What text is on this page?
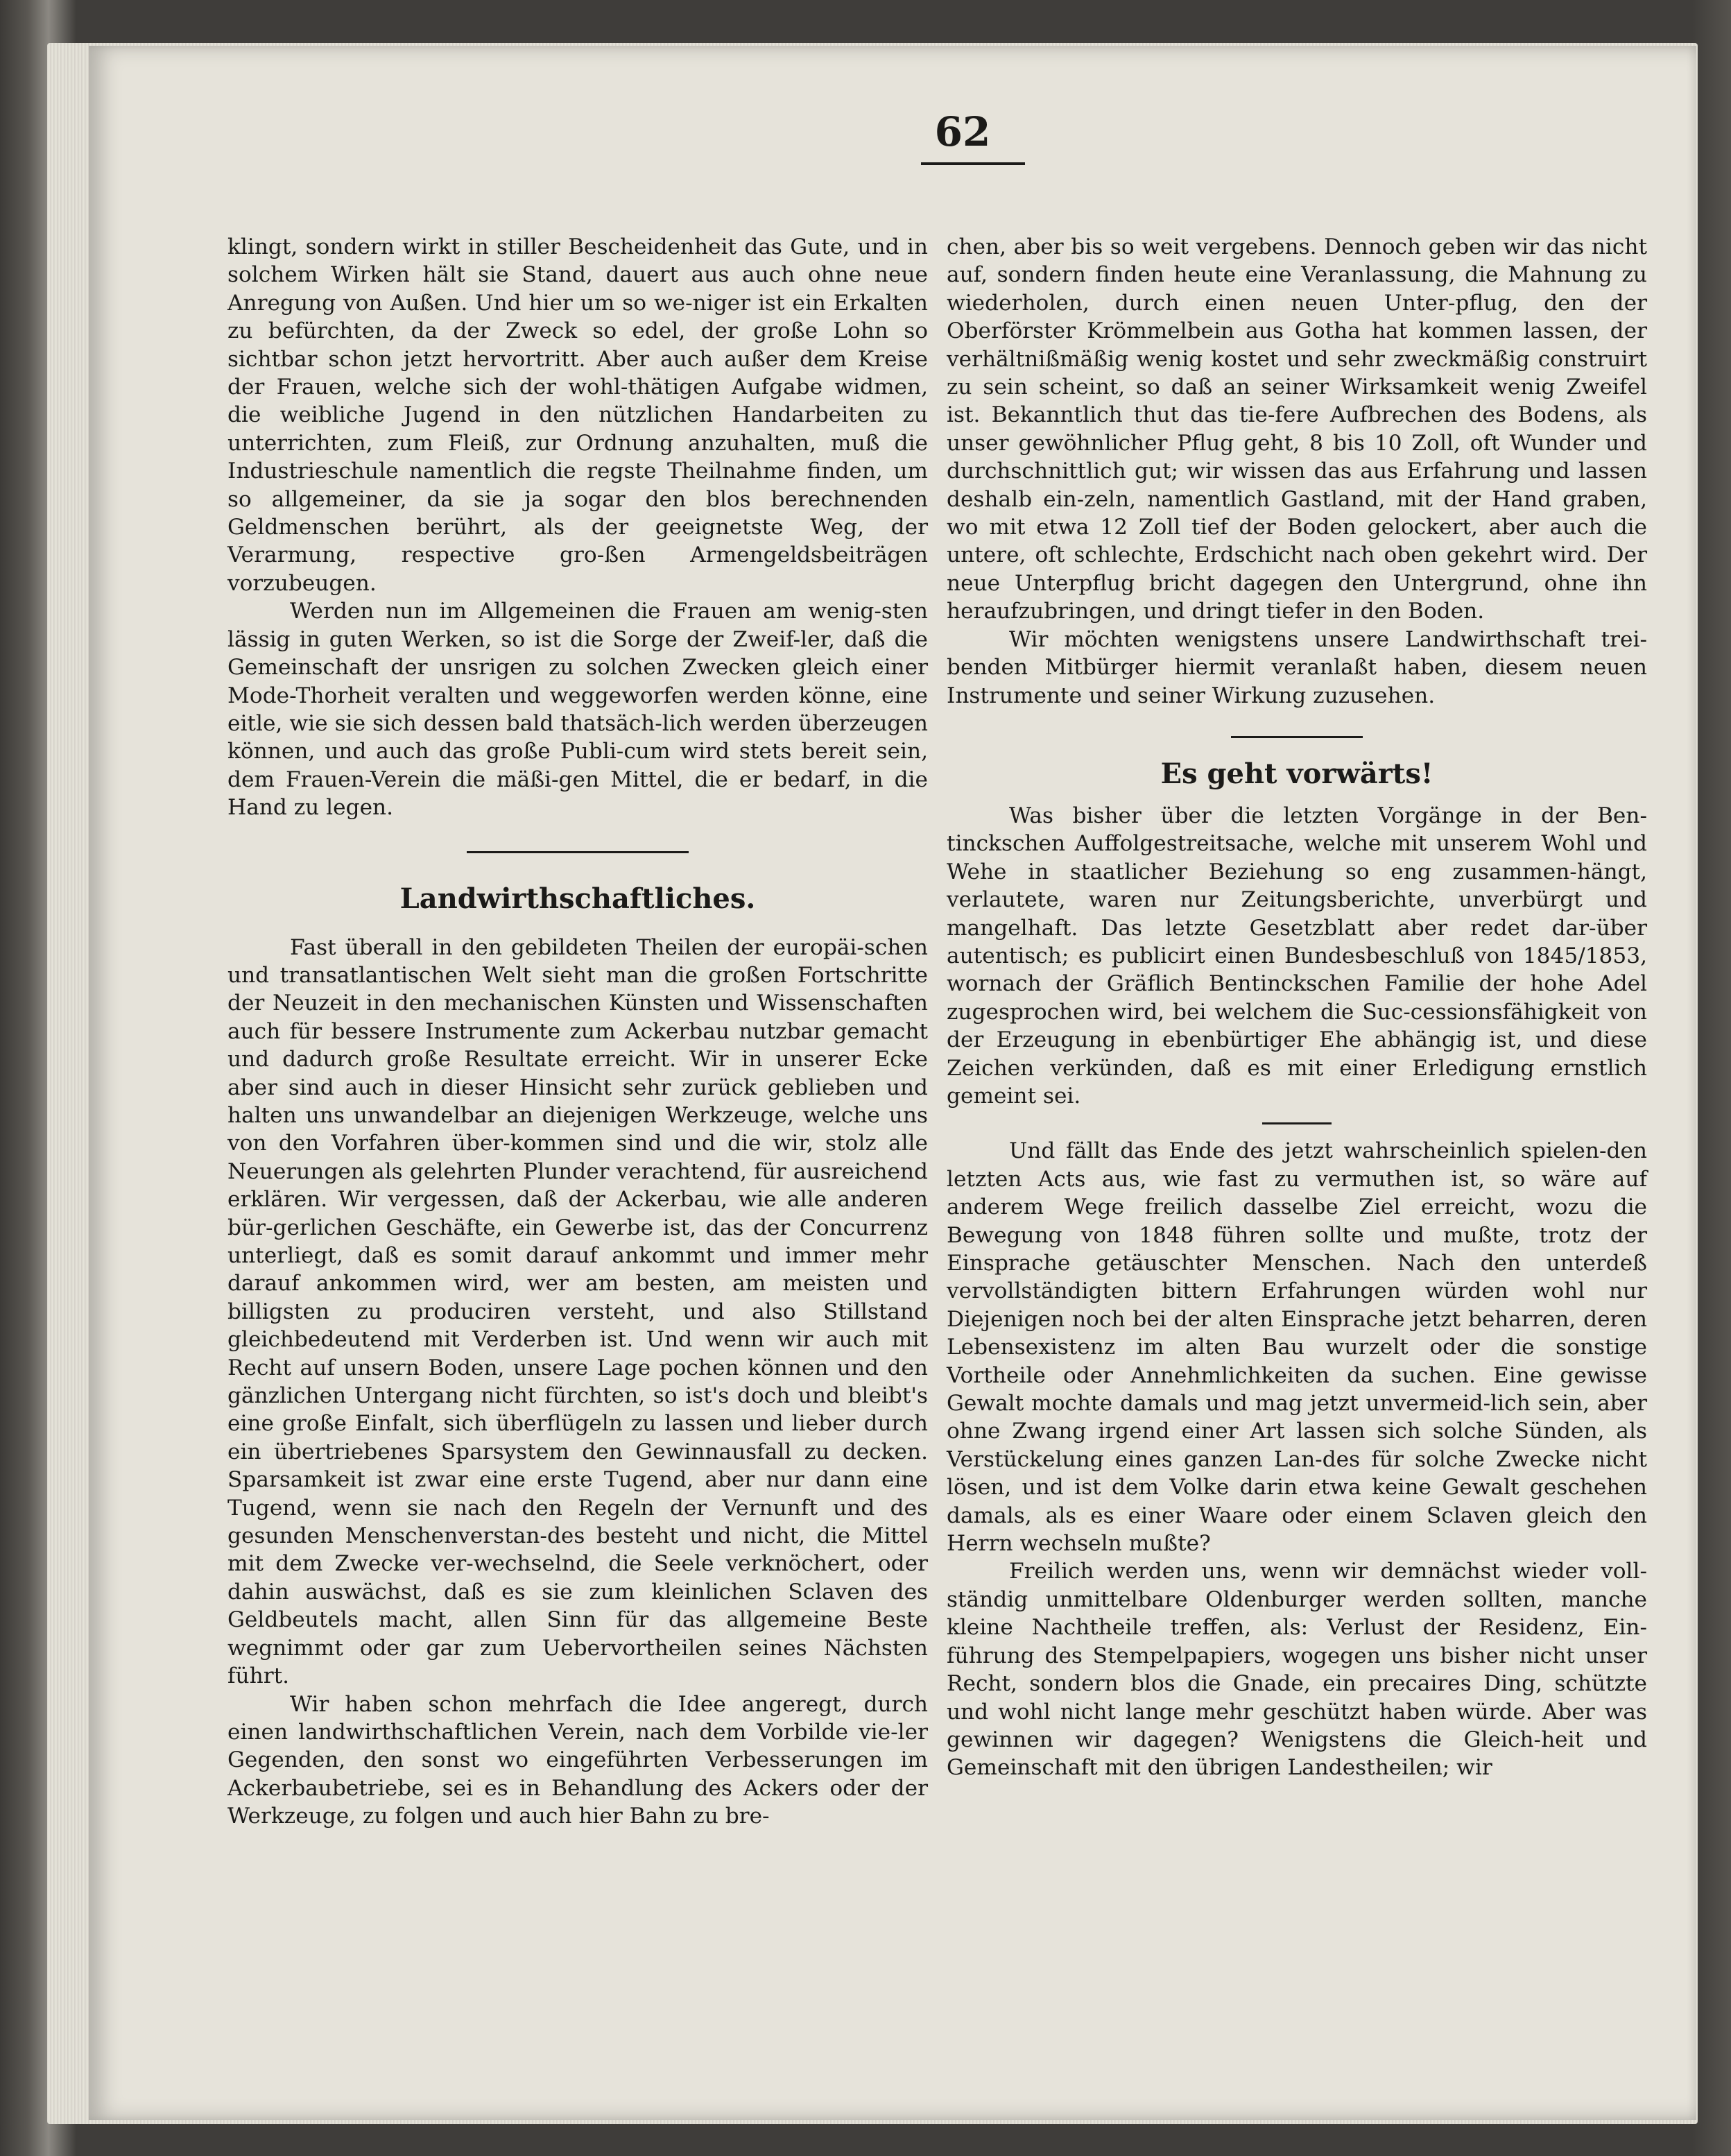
62

klingt, sondern wirkt in stiller Bescheidenheit das Gute, und in solchem Wirken hält sie Stand, dauert aus auch ohne neue Anregung von Außen. Und hier um so we-niger ist ein Erkalten zu befürchten, da der Zweck so edel, der große Lohn so sichtbar schon jetzt hervortritt. Aber auch außer dem Kreise der Frauen, welche sich der wohl-thätigen Aufgabe widmen, die weibliche Jugend in den nützlichen Handarbeiten zu unterrichten, zum Fleiß, zur Ordnung anzuhalten, muß die Industrieschule namentlich die regste Theilnahme finden, um so allgemeiner, da sie ja sogar den blos berechnenden Geldmenschen berührt, als der geeignetste Weg, der Verarmung, respective gro-ßen Armengeldsbeiträgen vorzubeugen.

Werden nun im Allgemeinen die Frauen am wenig-sten lässig in guten Werken, so ist die Sorge der Zweif-ler, daß die Gemeinschaft der unsrigen zu solchen Zwecken gleich einer Mode-Thorheit veralten und weggeworfen werden könne, eine eitle, wie sie sich dessen bald thatsäch-lich werden überzeugen können, und auch das große Publi-cum wird stets bereit sein, dem Frauen-Verein die mäßi-gen Mittel, die er bedarf, in die Hand zu legen.

Landwirthschaftliches.

Fast überall in den gebildeten Theilen der europäi-schen und transatlantischen Welt sieht man die großen Fortschritte der Neuzeit in den mechanischen Künsten und Wissenschaften auch für bessere Instrumente zum Ackerbau nutzbar gemacht und dadurch große Resultate erreicht. Wir in unserer Ecke aber sind auch in dieser Hinsicht sehr zurück geblieben und halten uns unwandelbar an diejenigen Werkzeuge, welche uns von den Vorfahren über-kommen sind und die wir, stolz alle Neuerungen als gelehrten Plunder verachtend, für ausreichend erklären. Wir vergessen, daß der Ackerbau, wie alle anderen bür-gerlichen Geschäfte, ein Gewerbe ist, das der Concurrenz unterliegt, daß es somit darauf ankommt und immer mehr darauf ankommen wird, wer am besten, am meisten und billigsten zu produciren versteht, und also Stillstand gleichbedeutend mit Verderben ist. Und wenn wir auch mit Recht auf unsern Boden, unsere Lage pochen können und den gänzlichen Untergang nicht fürchten, so ist's doch und bleibt's eine große Einfalt, sich überflügeln zu lassen und lieber durch ein übertriebenes Sparsystem den Gewinnausfall zu decken. Sparsamkeit ist zwar eine erste Tugend, aber nur dann eine Tugend, wenn sie nach den Regeln der Vernunft und des gesunden Menschenverstan-des besteht und nicht, die Mittel mit dem Zwecke ver-wechselnd, die Seele verknöchert, oder dahin auswächst, daß es sie zum kleinlichen Sclaven des Geldbeutels macht, allen Sinn für das allgemeine Beste wegnimmt oder gar zum Uebervortheilen seines Nächsten führt.

Wir haben schon mehrfach die Idee angeregt, durch einen landwirthschaftlichen Verein, nach dem Vorbilde vie-ler Gegenden, den sonst wo eingeführten Verbesserungen im Ackerbaubetriebe, sei es in Behandlung des Ackers oder der Werkzeuge, zu folgen und auch hier Bahn zu bre-

chen, aber bis so weit vergebens. Dennoch geben wir das nicht auf, sondern finden heute eine Veranlassung, die Mahnung zu wiederholen, durch einen neuen Unter-pflug, den der Oberförster Krömmelbein aus Gotha hat kommen lassen, der verhältnißmäßig wenig kostet und sehr zweckmäßig construirt zu sein scheint, so daß an seiner Wirksamkeit wenig Zweifel ist. Bekanntlich thut das tie-fere Aufbrechen des Bodens, als unser gewöhnlicher Pflug geht, 8 bis 10 Zoll, oft Wunder und durchschnittlich gut; wir wissen das aus Erfahrung und lassen deshalb ein-zeln, namentlich Gastland, mit der Hand graben, wo mit etwa 12 Zoll tief der Boden gelockert, aber auch die untere, oft schlechte, Erdschicht nach oben gekehrt wird. Der neue Unterpflug bricht dagegen den Untergrund, ohne ihn heraufzubringen, und dringt tiefer in den Boden.

Wir möchten wenigstens unsere Landwirthschaft trei-benden Mitbürger hiermit veranlaßt haben, diesem neuen Instrumente und seiner Wirkung zuzusehen.

Es geht vorwärts!

Was bisher über die letzten Vorgänge in der Ben-tinckschen Auffolgestreitsache, welche mit unserem Wohl und Wehe in staatlicher Beziehung so eng zusammen-hängt, verlautete, waren nur Zeitungsberichte, unverbürgt und mangelhaft. Das letzte Gesetzblatt aber redet dar-über autentisch; es publicirt einen Bundesbeschluß von 1845/1853, wornach der Gräflich Bentinckschen Familie der hohe Adel zugesprochen wird, bei welchem die Suc-cessionsfähigkeit von der Erzeugung in ebenbürtiger Ehe abhängig ist, und diese Zeichen verkünden, daß es mit einer Erledigung ernstlich gemeint sei.

Und fällt das Ende des jetzt wahrscheinlich spielen-den letzten Acts aus, wie fast zu vermuthen ist, so wäre auf anderem Wege freilich dasselbe Ziel erreicht, wozu die Bewegung von 1848 führen sollte und mußte, trotz der Einsprache getäuschter Menschen. Nach den unterdeß vervollständigten bittern Erfahrungen würden wohl nur Diejenigen noch bei der alten Einsprache jetzt beharren, deren Lebensexistenz im alten Bau wurzelt oder die sonstige Vortheile oder Annehmlichkeiten da suchen. Eine gewisse Gewalt mochte damals und mag jetzt unvermeid-lich sein, aber ohne Zwang irgend einer Art lassen sich solche Sünden, als Verstückelung eines ganzen Lan-des für solche Zwecke nicht lösen, und ist dem Volke darin etwa keine Gewalt geschehen damals, als es einer Waare oder einem Sclaven gleich den Herrn wechseln mußte?

Freilich werden uns, wenn wir demnächst wieder voll-ständig unmittelbare Oldenburger werden sollten, manche kleine Nachtheile treffen, als: Verlust der Residenz, Ein-führung des Stempelpapiers, wogegen uns bisher nicht unser Recht, sondern blos die Gnade, ein precaires Ding, schützte und wohl nicht lange mehr geschützt haben würde. Aber was gewinnen wir dagegen? Wenigstens die Gleich-heit und Gemeinschaft mit den übrigen Landestheilen; wir
